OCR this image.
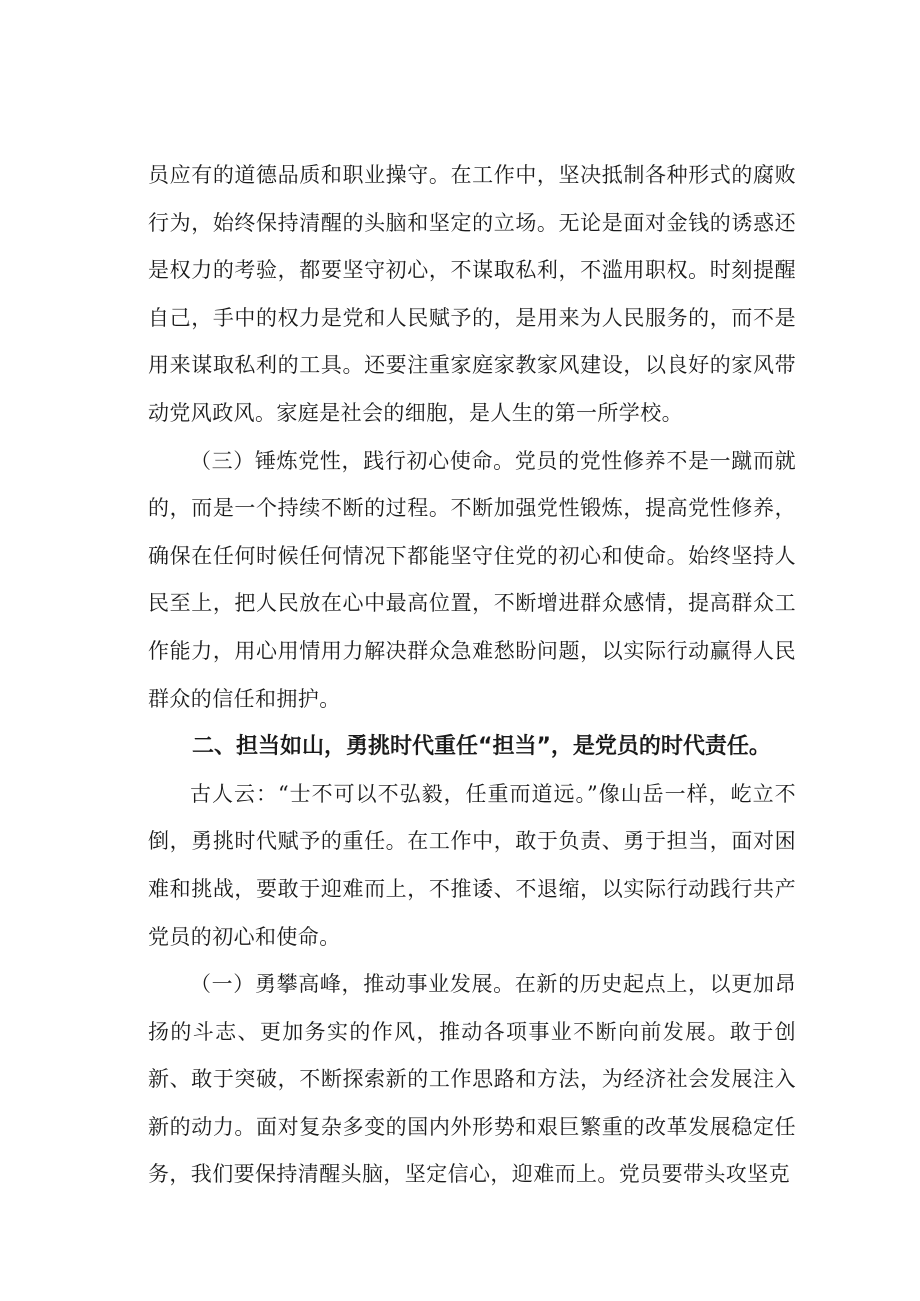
员应有的道德品质和职业操守。在工作中，坚决抵制各种形式的腐败行为，始终保持清醒的头脑和坚定的立场。无论是面对金钱的诱惑还是权力的考验，都要坚守初心，不谋取私利，不滥用职权。时刻提醒自己，手中的权力是党和人民赋予的，是用来为人民服务的，而不是用来谋取私利的工具。还要注重家庭家教家风建设，以良好的家风带动党风政风。家庭是社会的细胞，是人生的第一所学校。

（三）锤炼党性，践行初心使命。党员的党性修养不是一蹴而就的，而是一个持续不断的过程。不断加强党性锻炼，提高党性修养，确保在任何时候任何情况下都能坚守住党的初心和使命。始终坚持人民至上，把人民放在心中最高位置，不断增进群众感情，提高群众工作能力，用心用情用力解决群众急难愁盼问题，以实际行动赢得人民群众的信任和拥护。

二、担当如山，勇挑时代重任“担当”，是党员的时代责任。

古人云：“士不可以不弘毅，任重而道远。”像山岳一样，屹立不倒，勇挑时代赋予的重任。在工作中，敢于负责、勇于担当，面对困难和挑战，要敢于迎难而上，不推诿、不退缩，以实际行动践行共产党员的初心和使命。

（一）勇攀高峰，推动事业发展。在新的历史起点上，以更加昂扬的斗志、更加务实的作风，推动各项事业不断向前发展。敢于创新、敢于突破，不断探索新的工作思路和方法，为经济社会发展注入新的动力。面对复杂多变的国内外形势和艰巨繁重的改革发展稳定任务，我们要保持清醒头脑，坚定信心，迎难而上。党员要带头攻坚克
